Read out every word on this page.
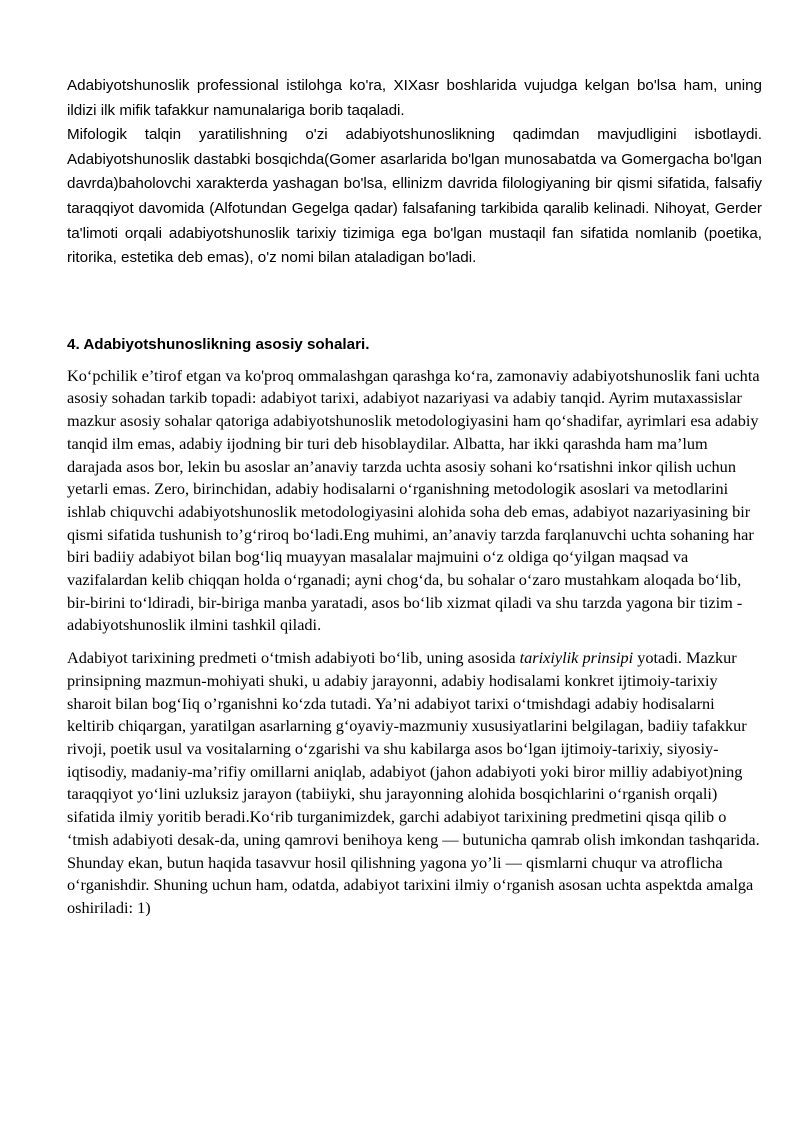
Adabiyotshunoslik professional istilohga ko'ra, XIXasr boshlarida vujudga kelgan bo'lsa ham, uning ildizi ilk mifik tafakkur namunalariga borib taqaladi.

Mifologik talqin yaratilishning o'zi adabiyotshunoslikning qadimdan mavjudligini isbotlaydi. Adabiyotshunoslik dastabki bosqichda(Gomer asarlarida bo'lgan munosabatda va Gomergacha bo'lgan davrda)baholovchi xarakterda yashagan bo'lsa, ellinizm davrida filologiyaning bir qismi sifatida, falsafiy taraqqiyot davomida (Alfotundan Gegelga qadar) falsafaning tarkibida qaralib kelinadi. Nihoyat, Gerder ta'limoti orqali adabiyotshunoslik tarixiy tizimiga ega bo'lgan mustaqil fan sifatida nomlanib (poetika, ritorika, estetika deb emas), o'z nomi bilan ataladigan bo'ladi.

4. Adabiyotshunoslikning asosiy sohalari.

Ko‘pchilik e’tirof etgan va ko'proq ommalashgan qarashga ko‘ra, zamonaviy adabiyotshunoslik fani uchta asosiy sohadan tarkib topadi: adabiyot tarixi, adabiyot nazariyasi va adabiy tanqid. Ayrim mutaxassislar mazkur asosiy sohalar qatoriga adabiyotshunoslik metodologiyasini ham qo‘shadifar, ayrimlari esa adabiy tanqid ilm emas, adabiy ijodning bir turi deb hisoblaydilar. Albatta, har ikki qarashda ham ma’lum darajada asos bor, lekin bu asoslar an’anaviy tarzda uchta asosiy sohani ko‘rsatishni inkor qilish uchun yetarli emas. Zero, birinchidan, adabiy hodisalarni o‘rganishning metodologik asoslari va metodlarini ishlab chiquvchi adabiyotshunoslik metodologiyasini alohida soha deb emas, adabiyot nazariyasining bir qismi sifatida tushunish to’g‘riroq bo‘ladi.Eng muhimi, an’anaviy tarzda farqlanuvchi uchta sohaning har biri badiiy adabiyot bilan bog‘liq muayyan masalalar majmuini o‘z oldiga qo‘yilgan maqsad va vazifalardan kelib chiqqan holda o‘rganadi; ayni chog‘da, bu sohalar o‘zaro mustahkam aloqada bo‘lib, bir-birini to‘ldiradi, bir-biriga manba yaratadi, asos bo‘lib xizmat qiladi va shu tarzda yagona bir tizim - adabiyotshunoslik ilmini tashkil qiladi.

Adabiyot tarixining predmeti o‘tmish adabiyoti bo‘lib, uning asosida tarixiylik prinsipi yotadi. Mazkur prinsipning mazmun-mohiyati shuki, u adabiy jarayonni, adabiy hodisalami konkret ijtimoiy-tarixiy sharoit bilan bog‘Iiq o’rganishni ko‘zda tutadi. Ya’ni adabiyot tarixi o‘tmishdagi adabiy hodisalarni keltirib chiqargan, yaratilgan asarlarning g‘oyaviy-mazmuniy xususiyatlarini belgilagan, badiiy tafakkur rivoji, poetik usul va vositalarning o‘zgarishi va shu kabilarga asos bo‘lgan ijtimoiy-tarixiy, siyosiy-iqtisodiy, madaniy-ma’rifiy omillarni aniqlab, adabiyot (jahon adabiyoti yoki biror milliy adabiyot)ning taraqqiyot yo‘lini uzluksiz jarayon (tabiiyki, shu jarayonning alohida bosqichlarini o‘rganish orqali) sifatida ilmiy yoritib beradi.Ko‘rib turganimizdek, garchi adabiyot tarixining predmetini qisqa qilib o ‘tmish adabiyoti desak-da, uning qamrovi benihoya keng — butunicha qamrab olish imkondan tashqarida. Shunday ekan, butun haqida tasavvur hosil qilishning yagona yo’li — qismlarni chuqur va atroflicha o‘rganishdir. Shuning uchun ham, odatda, adabiyot tarixini ilmiy o‘rganish asosan uchta aspektda amalga oshiriladi: 1)
